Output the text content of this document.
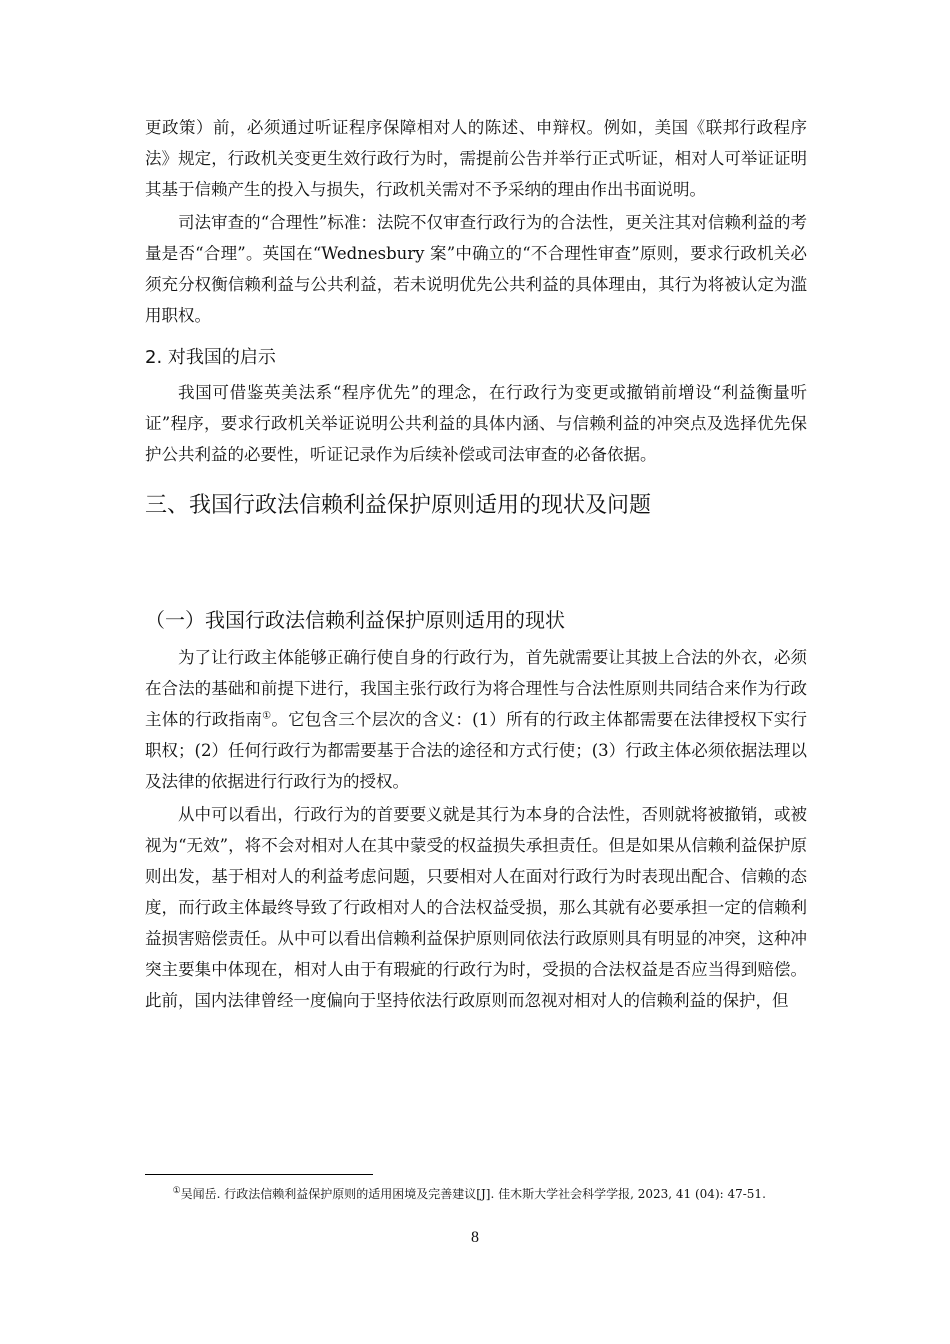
更政策）前，必须通过听证程序保障相对人的陈述、申辩权。例如，美国《联邦行政程序法》规定，行政机关变更生效行政行为时，需提前公告并举行正式听证，相对人可举证证明其基于信赖产生的投入与损失，行政机关需对不予采纳的理由作出书面说明。

司法审查的“合理性”标准：法院不仅审查行政行为的合法性，更关注其对信赖利益的考量是否“合理”。英国在“Wednesbury 案”中确立的“不合理性审查”原则，要求行政机关必须充分权衡信赖利益与公共利益，若未说明优先公共利益的具体理由，其行为将被认定为滥用职权。

2. 对我国的启示

我国可借鉴英美法系“程序优先”的理念，在行政行为变更或撤销前增设“利益衡量听证”程序，要求行政机关举证说明公共利益的具体内涵、与信赖利益的冲突点及选择优先保护公共利益的必要性，听证记录作为后续补偿或司法审查的必备依据。

三、我国行政法信赖利益保护原则适用的现状及问题
（一）我国行政法信赖利益保护原则适用的现状

为了让行政主体能够正确行使自身的行政行为，首先就需要让其披上合法的外衣，必须在合法的基础和前提下进行，我国主张行政行为将合理性与合法性原则共同结合来作为行政主体的行政指南①。它包含三个层次的含义：(1）所有的行政主体都需要在法律授权下实行职权；(2）任何行政行为都需要基于合法的途径和方式行使；(3）行政主体必须依据法理以及法律的依据进行行政行为的授权。

从中可以看出，行政行为的首要要义就是其行为本身的合法性，否则就将被撤销，或被视为“无效”，将不会对相对人在其中蒙受的权益损失承担责任。但是如果从信赖利益保护原则出发，基于相对人的利益考虑问题，只要相对人在面对行政行为时表现出配合、信赖的态度，而行政主体最终导致了行政相对人的合法权益受损，那么其就有必要承担一定的信赖利益损害赔偿责任。从中可以看出信赖利益保护原则同依法行政原则具有明显的冲突，这种冲突主要集中体现在，相对人由于有瑕疵的行政行为时，受损的合法权益是否应当得到赔偿。此前，国内法律曾经一度偏向于坚持依法行政原则而忽视对相对人的信赖利益的保护，但

①吴闻岳. 行政法信赖利益保护原则的适用困境及完善建议[J]. 佳木斯大学社会科学学报, 2023, 41 (04): 47-51.
8
